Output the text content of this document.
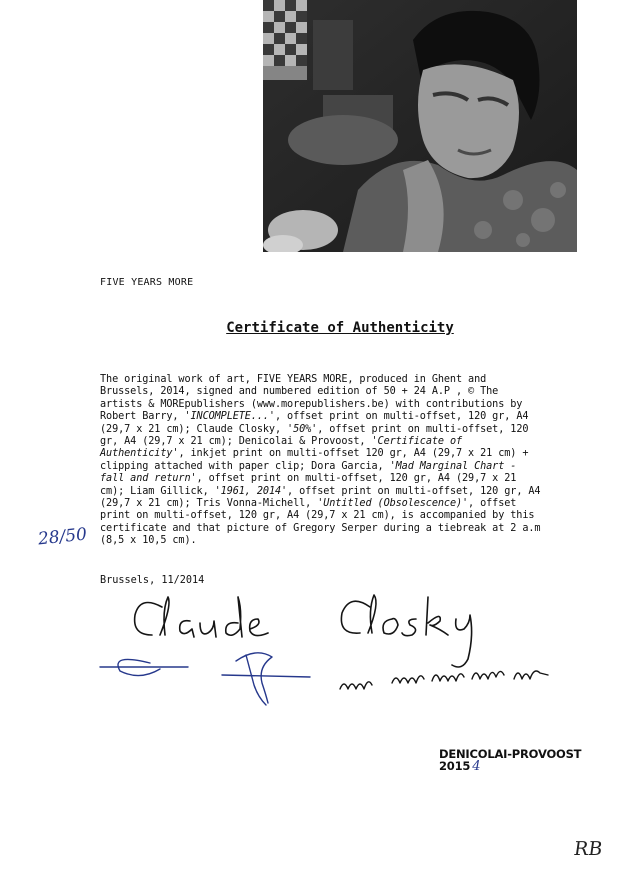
FIVE YEARS MORE
Certificate of Authenticity
The original work of art, FIVE YEARS MORE, produced in Ghent and Brussels, 2014, signed and numbered edition of 50 + 24 A.P , © The artists & MOREpublishers (www.morepublishers.be) with contributions by Robert Barry, 'INCOMPLETE...', offset print on multi-offset, 120 gr, A4 (29,7 x 21 cm); Claude Closky, '50%', offset print on multi-offset, 120 gr, A4 (29,7 x 21 cm); Denicolai & Provoost, 'Certificate of Authenticity', inkjet print on multi-offset 120 gr, A4 (29,7 x 21 cm) + clipping attached with paper clip; Dora Garcia, 'Mad Marginal Chart - fall and return', offset print on multi-offset, 120 gr, A4 (29,7 x 21 cm); Liam Gillick, '1961, 2014', offset print on multi-offset, 120 gr, A4 (29,7 x 21 cm); Tris Vonna-Michell, 'Untitled (Obsolescence)', offset print on multi-offset, 120 gr, A4 (29,7 x 21 cm), is accompanied by this certificate and that picture of Gregory Serper during a tiebreak at 2 a.m (8,5 x 10,5 cm).
28/50
Brussels, 11/2014
DENICOLAI-PROVOOST
2015 4
RB
